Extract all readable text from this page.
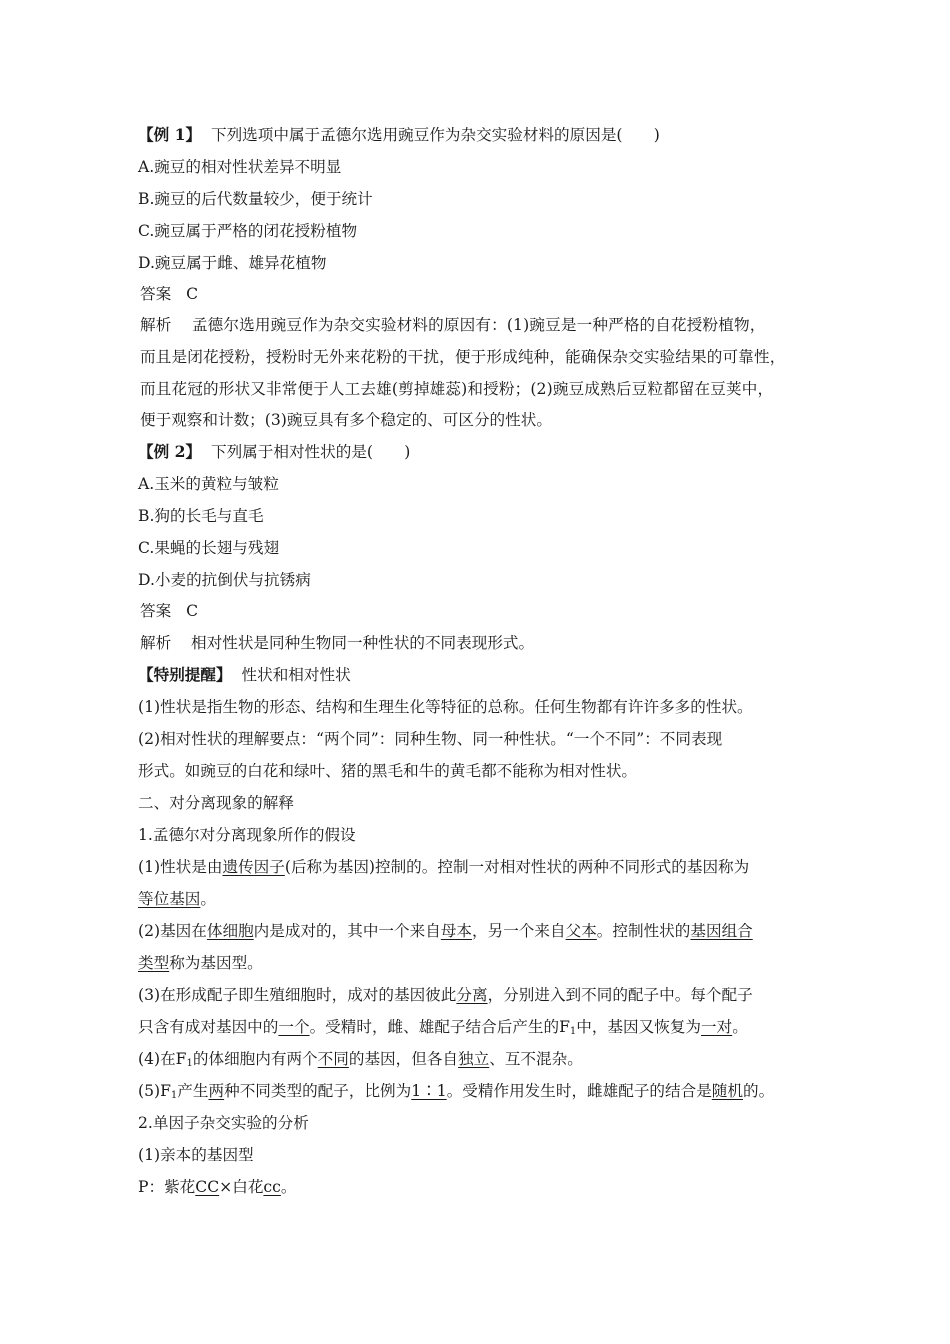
【例 1】 下列选项中属于孟德尔选用豌豆作为杂交实验材料的原因是(　　)
A.豌豆的相对性状差异不明显
B.豌豆的后代数量较少，便于统计
C.豌豆属于严格的闭花授粉植物
D.豌豆属于雌、雄异花植物
答案 C
解析 孟德尔选用豌豆作为杂交实验材料的原因有：(1)豌豆是一种严格的自花授粉植物，
而且是闭花授粉，授粉时无外来花粉的干扰，便于形成纯种，能确保杂交实验结果的可靠性，
而且花冠的形状又非常便于人工去雄(剪掉雄蕊)和授粉；(2)豌豆成熟后豆粒都留在豆荚中，
便于观察和计数；(3)豌豆具有多个稳定的、可区分的性状。
【例 2】 下列属于相对性状的是(　　)
A.玉米的黄粒与皱粒
B.狗的长毛与直毛
C.果蝇的长翅与残翅
D.小麦的抗倒伏与抗锈病
答案 C
解析 相对性状是同种生物同一种性状的不同表现形式。
【特别提醒】 性状和相对性状
(1)性状是指生物的形态、结构和生理生化等特征的总称。任何生物都有许许多多的性状。
(2)相对性状的理解要点：“两个同”：同种生物、同一种性状。“一个不同”：不同表现
形式。如豌豆的白花和绿叶、猪的黑毛和牛的黄毛都不能称为相对性状。
二、对分离现象的解释
1.孟德尔对分离现象所作的假设
(1)性状是由遗传因子(后称为基因)控制的。控制一对相对性状的两种不同形式的基因称为
等位基因。
(2)基因在体细胞内是成对的，其中一个来自母本，另一个来自父本。控制性状的基因组合
类型称为基因型。
(3)在形成配子即生殖细胞时，成对的基因彼此分离，分别进入到不同的配子中。每个配子
只含有成对基因中的一个。受精时，雌、雄配子结合后产生的$F_1$中，基因又恢复为一对。
(4)在$F_1$的体细胞内有两个不同的基因，但各自独立、互不混杂。
$(5)F_1$产生两种不同类型的配子，比例为1∶1。受精作用发生时，雌雄配子的结合是随机的。
2.单因子杂交实验的分析
(1)亲本的基因型
P：紫花CC×白花cc。
